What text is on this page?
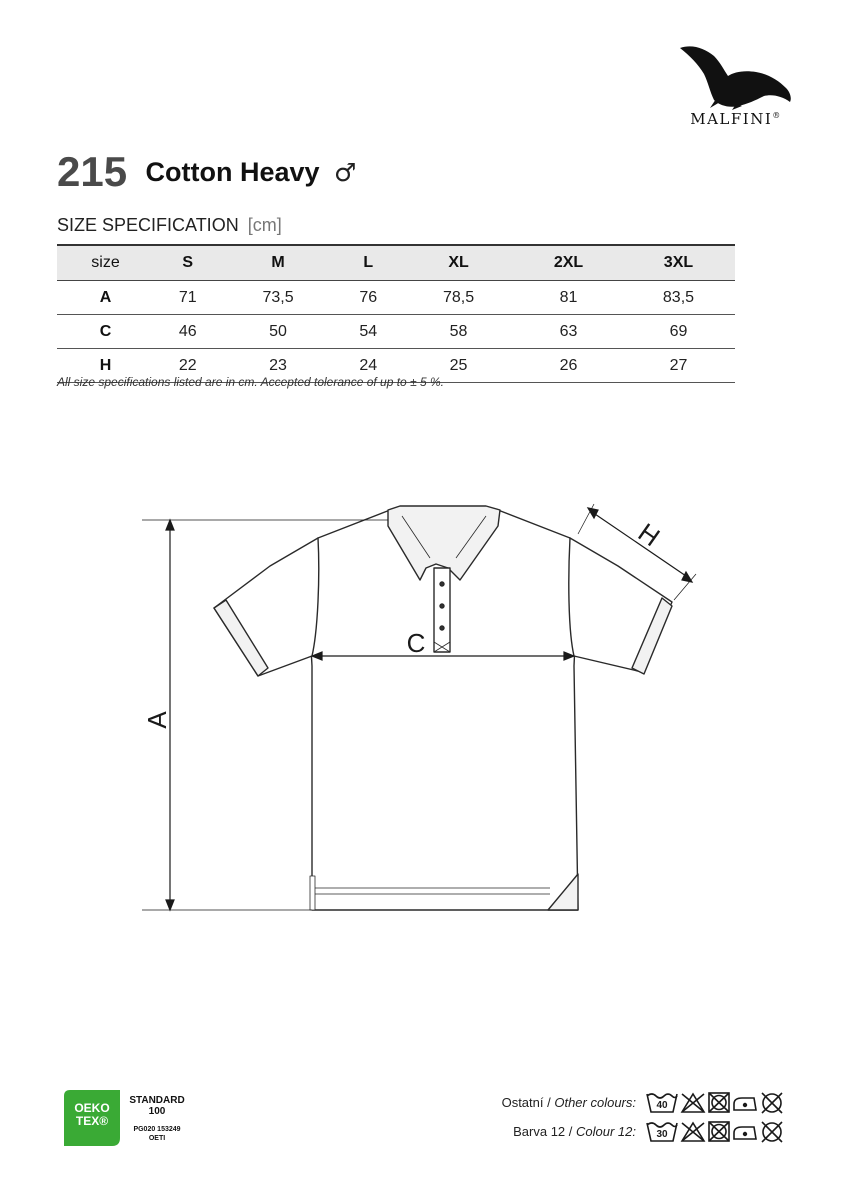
MALFINI®
215 Cotton Heavy ♂
SIZE SPECIFICATION [cm]
size	S	M	L	XL	2XL	3XL
A	71	73,5	76	78,5	81	83,5
C	46	50	54	58	63	69
H	22	23	24	25	26	27
All size specifications listed are in cm. Accepted tolerance of up to ± 5 %.
A
C
H
OEKO
TEX®
STANDARD
100
PG020 153249
OETI
Ostatní / Other colours: 40
Barva 12 / Colour 12: 30
